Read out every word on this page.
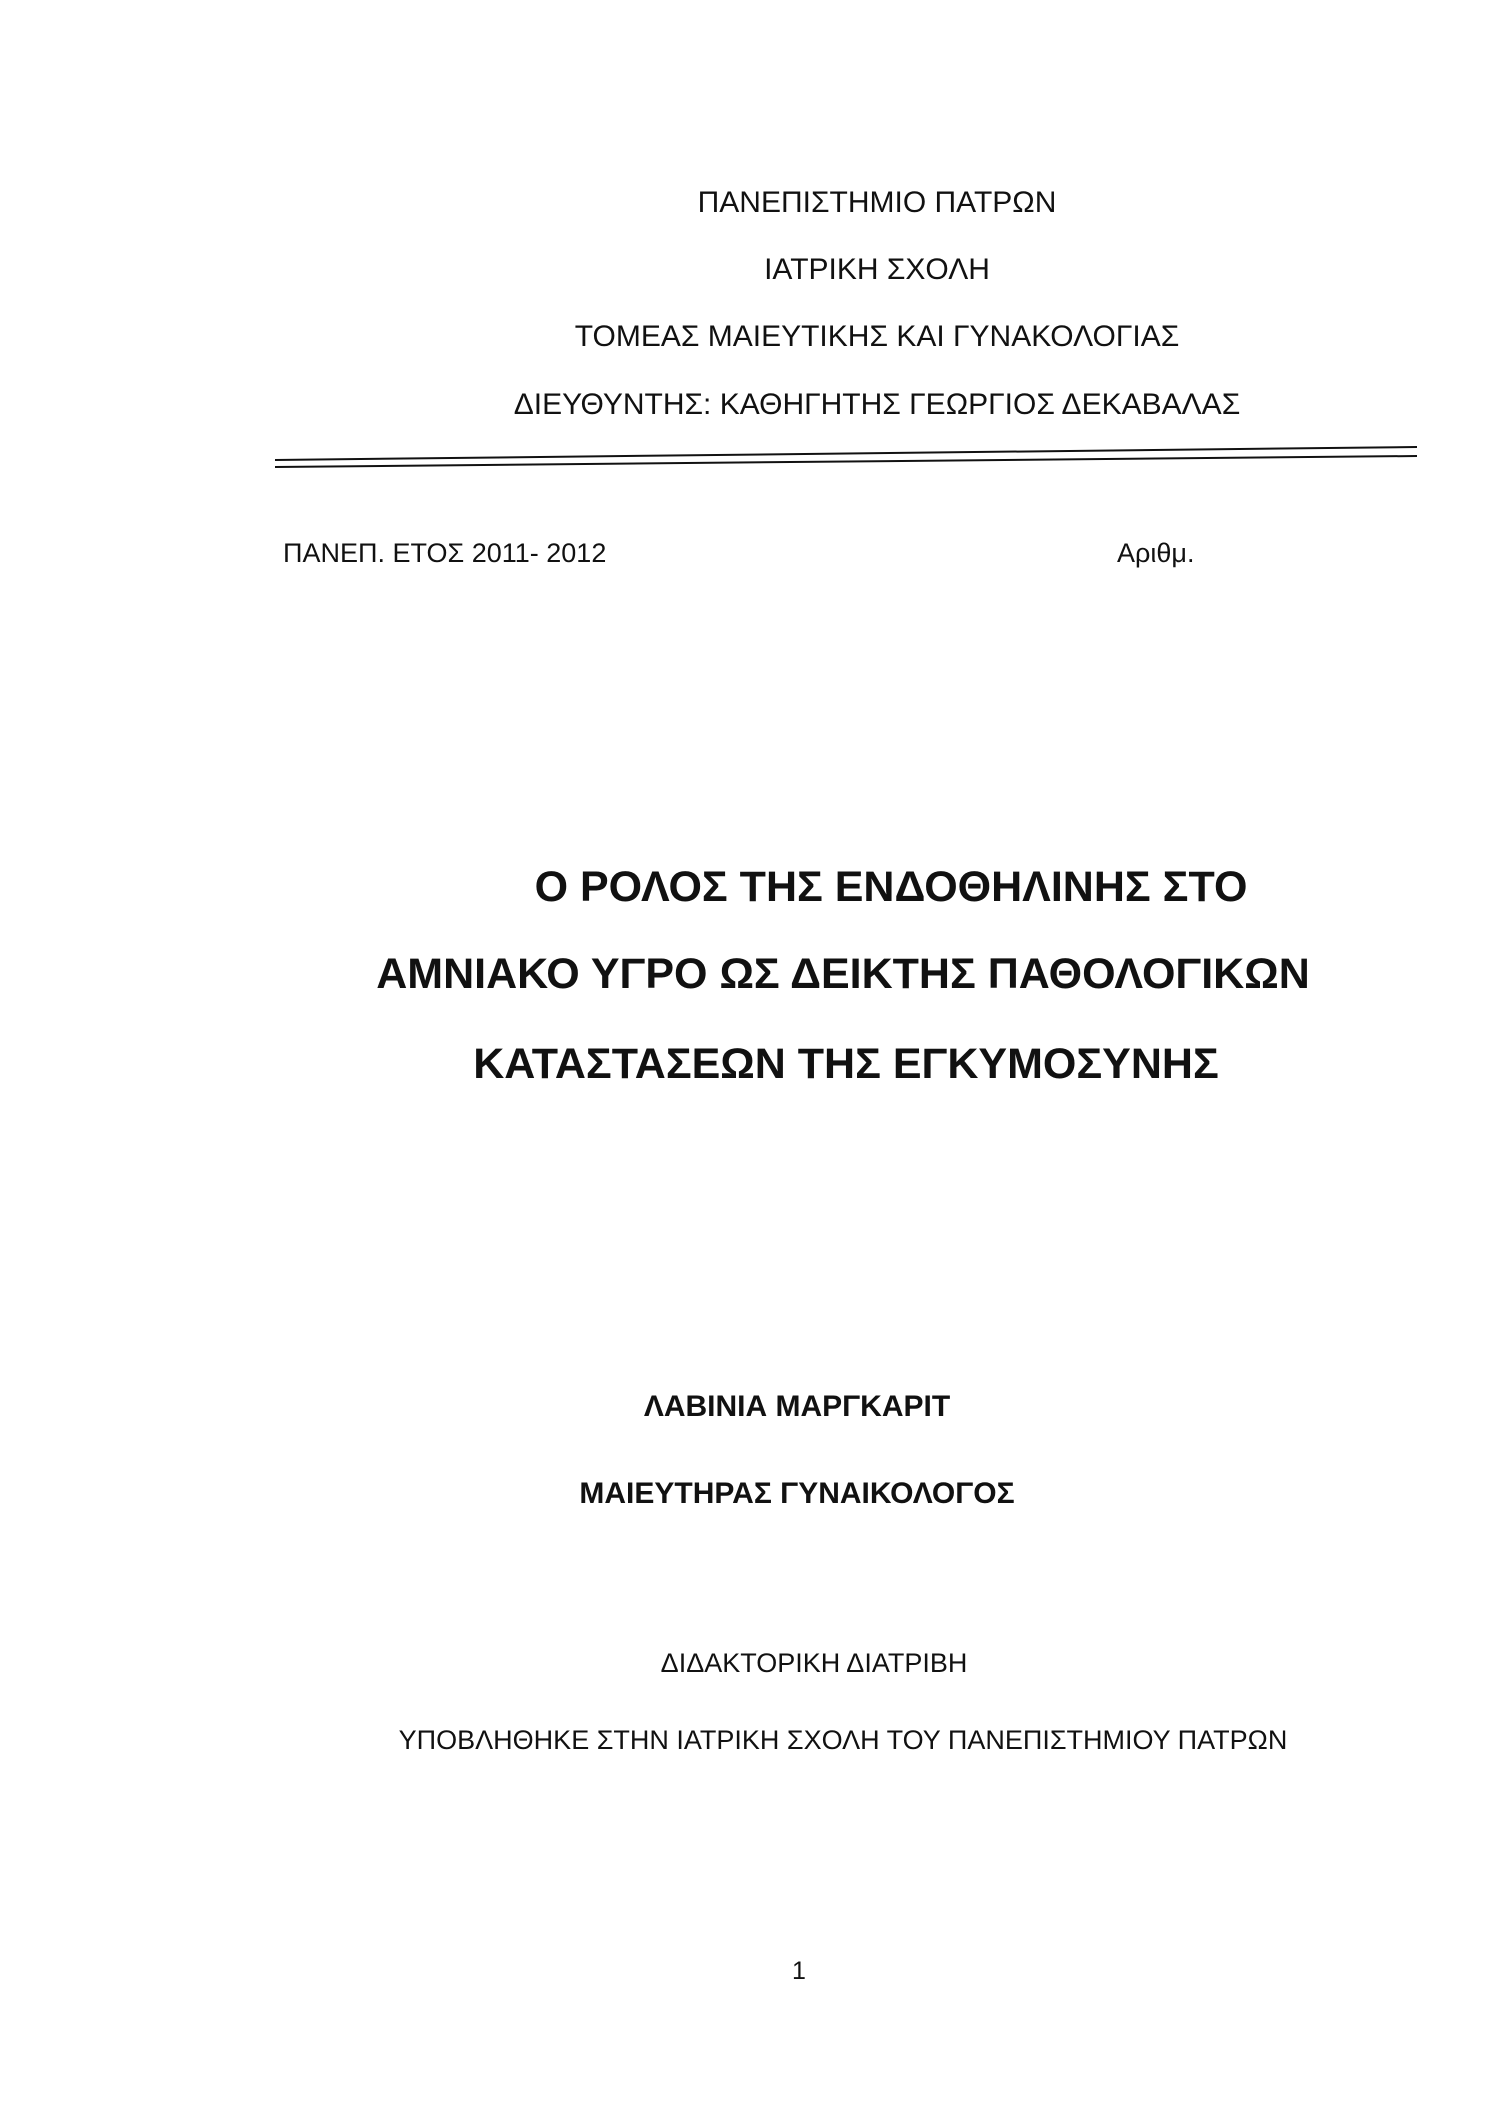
ΠΑΝΕΠΙΣΤΗΜΙΟ ΠΑΤΡΩΝ
ΙΑΤΡΙΚΗ ΣΧΟΛΗ
ΤΟΜΕΑΣ ΜΑΙΕΥΤΙΚΗΣ ΚΑΙ ΓΥΝΑΚΟΛΟΓΙΑΣ
ΔΙΕΥΘΥΝΤΗΣ: ΚΑΘΗΓΗΤΗΣ ΓΕΩΡΓΙΟΣ ΔΕΚΑΒΑΛΑΣ
ΠΑΝΕΠ. ΕΤΟΣ 2011- 2012	Αριθμ.
Ο ΡΟΛΟΣ ΤΗΣ ΕΝΔΟΘΗΛΙΝΗΣ ΣΤΟ
ΑΜΝΙΑΚΟ ΥΓΡΟ ΩΣ ΔΕΙΚΤΗΣ ΠΑΘΟΛΟΓΙΚΩΝ
ΚΑΤΑΣΤΑΣΕΩΝ ΤΗΣ ΕΓΚΥΜΟΣΥΝΗΣ
ΛΑΒΙΝΙΑ ΜΑΡΓΚΑΡΙΤ
ΜΑΙΕΥΤΗΡΑΣ ΓΥΝΑΙΚΟΛΟΓΟΣ
ΔΙΔΑΚΤΟΡΙΚΗ ΔΙΑΤΡΙΒΗ
ΥΠΟΒΛΗΘΗΚΕ ΣΤΗΝ ΙΑΤΡΙΚΗ ΣΧΟΛΗ ΤΟΥ ΠΑΝΕΠΙΣΤΗΜΙΟΥ ΠΑΤΡΩΝ
1
